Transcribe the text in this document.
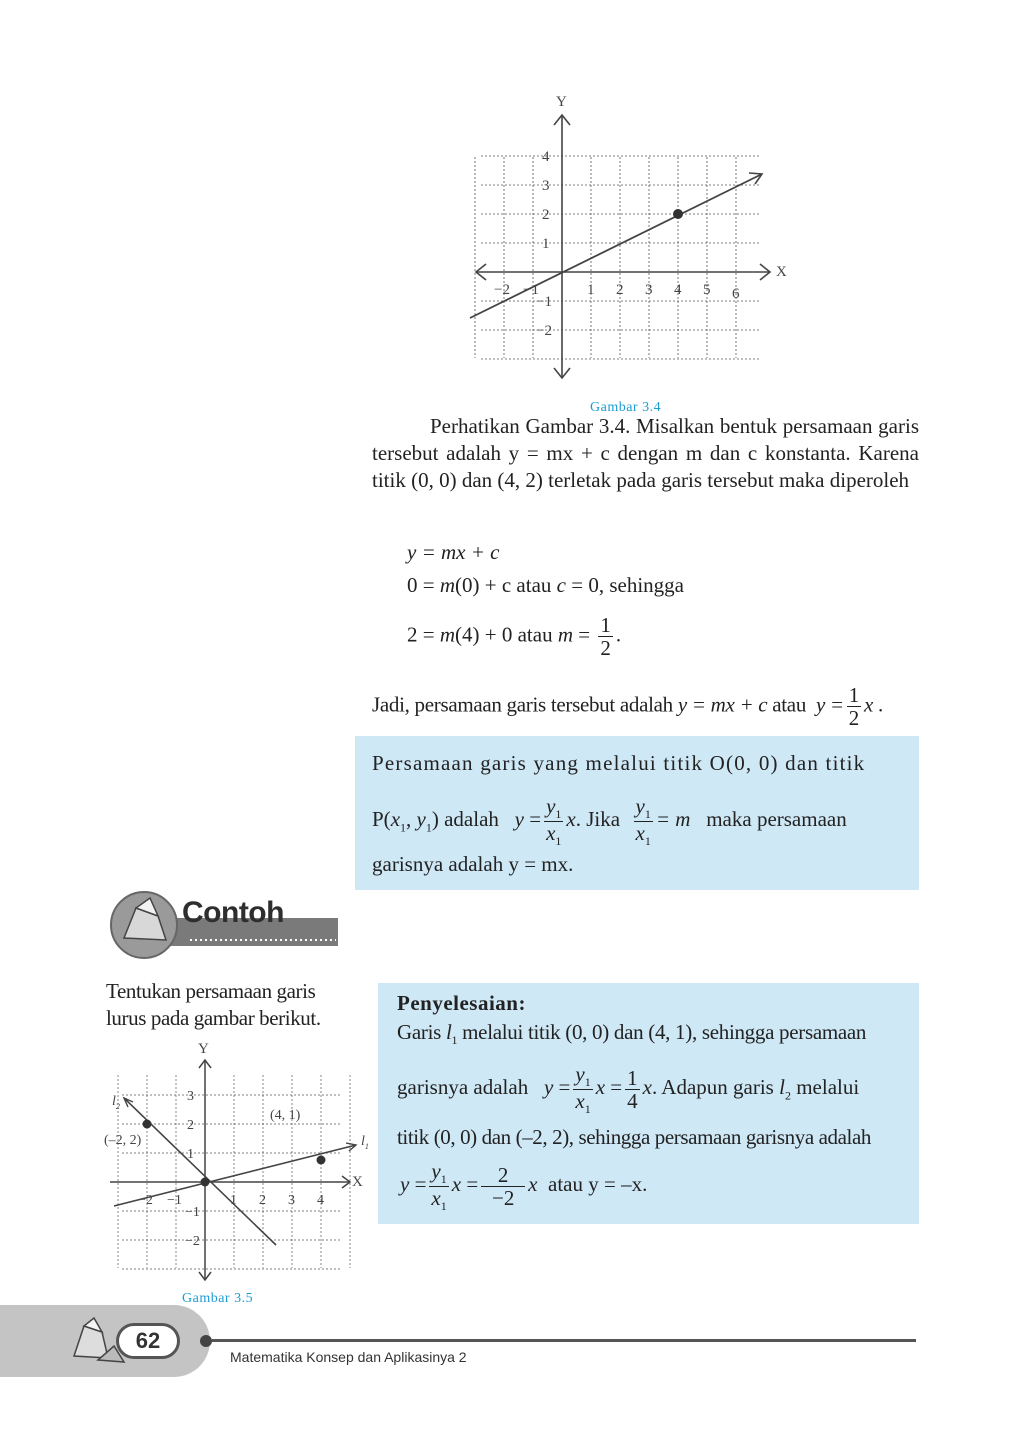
−2 −1	1 2 3 4 5 6
4
3
2
1
−1
−2
Y
X
Gambar 3.4

Perhatikan Gambar 3.4. Misalkan bentuk persamaan garis tersebut adalah y = mx + c dengan m dan c konstanta. Karena titik (0, 0) dan (4, 2) terletak pada garis tersebut maka diperoleh

y = mx + c
0 = m(0) + c atau c = 0, sehingga
2 = m(4) + 0 atau $m = \frac{1}{2}$ .
Jadi, persamaan garis tersebut adalah y = mx + c atau $y = \frac{1}{2}$ x .
Persamaan garis yang melalui titik O(0, 0) dan titik
$P(x_1$, $y_1$) adalah $y = \frac{y_1}{x_1} x$. Jika $\frac{y_1}{x_1} = m$ maka persamaan
garisnya adalah y = mx.
Contoh

Tentukan persamaan garis lurus pada gambar berikut.

−2 −1	1 2 3 4
3
2
1
−1
−2
Y
X
$l_2$
$l_1$
(4, 1)
(–2, 2)
Gambar 3.5
Penyelesaian:
Garis $l_1$ melalui titik (0, 0) dan (4, 1), sehingga persamaan
garisnya adalah $y = \frac{y_1}{x_1}$ $x = \frac{1}{4} x$. Adapun garis $l_2$ melalui
titik (0, 0) dan (–2, 2), sehingga persamaan garisnya adalah
$y = \frac{y_1}{x_1}$ $x = \frac{2}{-2}$ x atau y = –x.
62
Matematika Konsep dan Aplikasinya 2
